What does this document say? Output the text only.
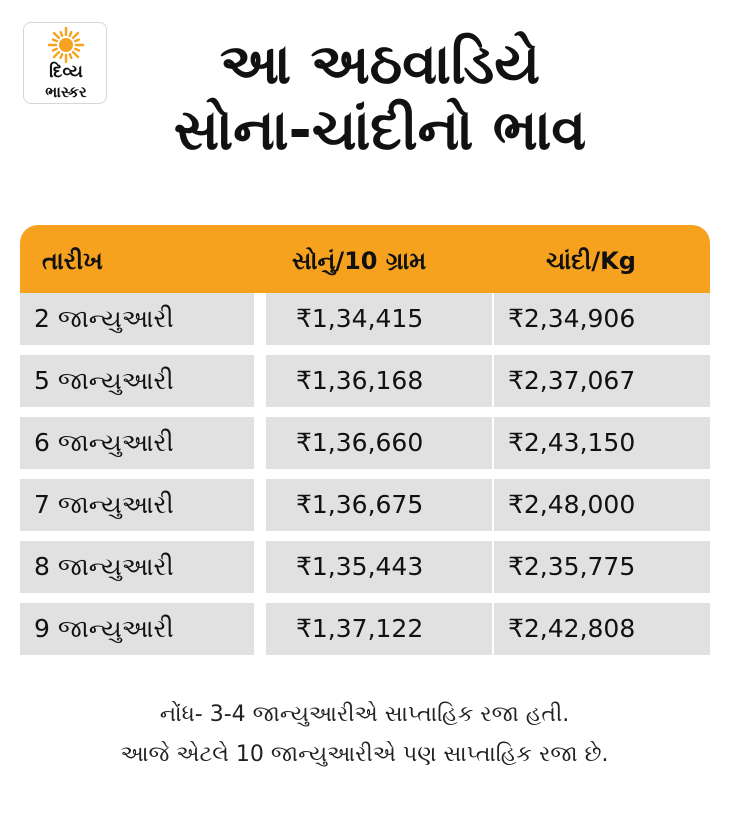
દિવ્ય
ભાસ્કર	આ અઠવાડિયે
સોના-ચાંદીનો ભાવ
તારીખ	સોનું/10 ગ્રામ	ચાંદી/Kg
2 જાન્યુઆરી	₹1,34,415	₹2,34,906
5 જાન્યુઆરી	₹1,36,168	₹2,37,067
6 જાન્યુઆરી	₹1,36,660	₹2,43,150
7 જાન્યુઆરી	₹1,36,675	₹2,48,000
8 જાન્યુઆરી	₹1,35,443	₹2,35,775
9 જાન્યુઆરી	₹1,37,122	₹2,42,808
નોંધ- 3-4 જાન્યુઆરીએ સાપ્તાહિક રજા હતી.
આજે એટલે 10 જાન્યુઆરીએ પણ સાપ્તાહિક રજા છે.
